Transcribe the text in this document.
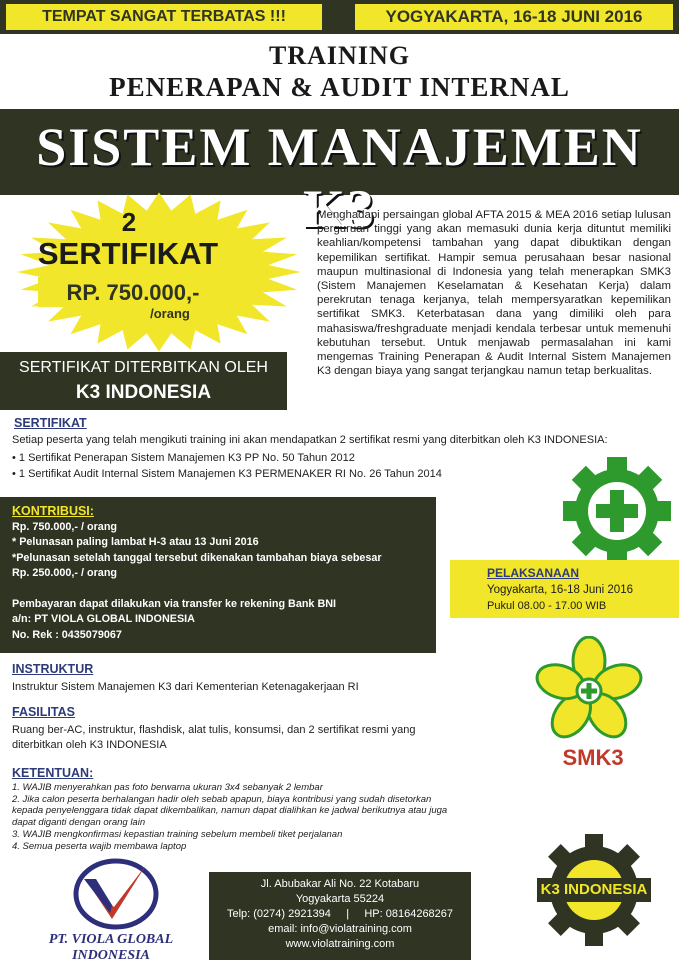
TEMPAT SANGAT TERBATAS !!!	YOGYAKARTA, 16-18 JUNI 2016
TRAINING
PENERAPAN & AUDIT INTERNAL
SISTEM MANAJEMEN K3
2
SERTIFIKAT
RP. 750.000,-
/orang
SERTIFIKAT DITERBITKAN OLEH
K3 INDONESIA
Menghadapi persaingan global AFTA 2015 & MEA 2016 setiap lulusan perguruan tinggi yang akan memasuki dunia kerja dituntut memiliki keahlian/kompetensi tambahan yang dapat dibuktikan dengan kepemilikan sertifikat. Hampir semua perusahaan besar nasional maupun multinasional di Indonesia yang telah menerapkan SMK3 (Sistem Manajemen Keselamatan & Kesehatan Kerja) dalam perekrutan tenaga kerjanya, telah mempersyaratkan kepemilikan sertifikat SMK3. Keterbatasan dana yang dimiliki oleh para mahasiswa/freshgraduate menjadi kendala terbesar untuk memenuhi kebutuhan tersebut. Untuk menjawab permasalahan ini kami mengemas Training Penerapan & Audit Internal Sistem Manajemen K3 dengan biaya yang sangat terjangkau namun tetap berkualitas.
SERTIFIKAT
Setiap peserta yang telah mengikuti training ini akan mendapatkan 2 sertifikat resmi yang diterbitkan oleh K3 INDONESIA:
• 1 Sertifikat Penerapan Sistem Manajemen K3 PP No. 50 Tahun 2012
• 1 Sertifikat Audit Internal Sistem Manajemen K3 PERMENAKER RI No. 26 Tahun 2014
KONTRIBUSI:
Rp. 750.000,- / orang
* Pelunasan paling lambat H-3 atau 13 Juni 2016
*Pelunasan setelah tanggal tersebut dikenakan tambahan biaya sebesar
Rp. 250.000,- / orang
Pembayaran dapat dilakukan via transfer ke rekening Bank BNI
a/n: PT VIOLA GLOBAL INDONESIA
No. Rek : 0435079067
PELAKSANAAN
Yogyakarta, 16-18 Juni 2016
Pukul 08.00 - 17.00 WIB
SMK3
INSTRUKTUR
Instruktur Sistem Manajemen K3 dari Kementerian Ketenagakerjaan RI
FASILITAS
Ruang ber-AC, instruktur, flashdisk, alat tulis, konsumsi, dan 2 sertifikat resmi yang diterbitkan oleh K3 INDONESIA
KETENTUAN:
1. WAJIB menyerahkan pas foto berwarna ukuran 3x4 sebanyak 2 lembar
2. Jika calon peserta berhalangan hadir oleh sebab apapun, biaya kontribusi yang sudah disetorkan kepada penyelenggara tidak dapat dikembalikan, namun dapat dialihkan ke jadwal berikutnya atau juga dapat diganti dengan orang lain
3. WAJIB mengkonfirmasi kepastian training sebelum membeli tiket perjalanan
4. Semua peserta wajib membawa laptop
PT. VIOLA GLOBAL INDONESIA
Jl. Abubakar Ali No. 22 Kotabaru
Yogyakarta 55224
Telp: (0274) 2921394     |     HP: 08164268267
email: info@violatraining.com
www.violatraining.com
K3 INDONESIA
